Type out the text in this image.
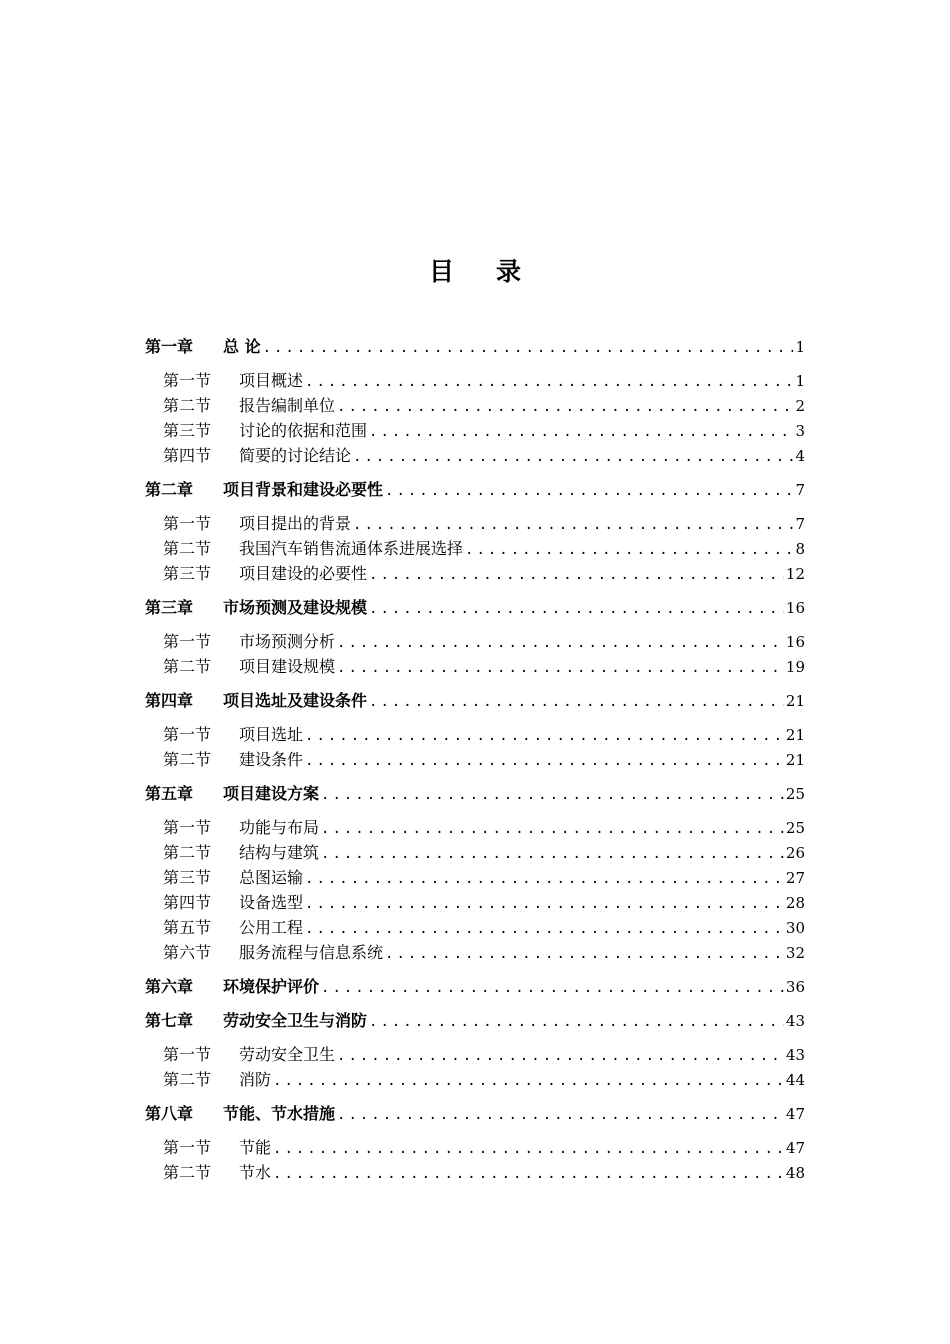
目 录
第一章	总 论 .....	1
第一节	项目概述 .....	1
第二节	报告编制单位 .....	2
第三节	讨论的依据和范围 .....	3
第四节	简要的讨论结论 .....	4
第二章	项目背景和建设必要性 .....	7
第一节	项目提出的背景 .....	7
第二节	我国汽车销售流通体系进展选择 .....	8
第三节	项目建设的必要性 .....	12
第三章	市场预测及建设规模 .....	16
第一节	市场预测分析 .....	16
第二节	项目建设规模 .....	19
第四章	项目选址及建设条件 .....	21
第一节	项目选址 .....	21
第二节	建设条件 .....	21
第五章	项目建设方案 .....	25
第一节	功能与布局 .....	25
第二节	结构与建筑 .....	26
第三节	总图运输 .....	27
第四节	设备选型 .....	28
第五节	公用工程 .....	30
第六节	服务流程与信息系统 .....	32
第六章	环境保护评价 .....	36
第七章	劳动安全卫生与消防 .....	43
第一节	劳动安全卫生 .....	43
第二节	消防 .....	44
第八章	节能、节水措施 .....	47
第一节	节能 .....	47
第二节	节水 .....	48
